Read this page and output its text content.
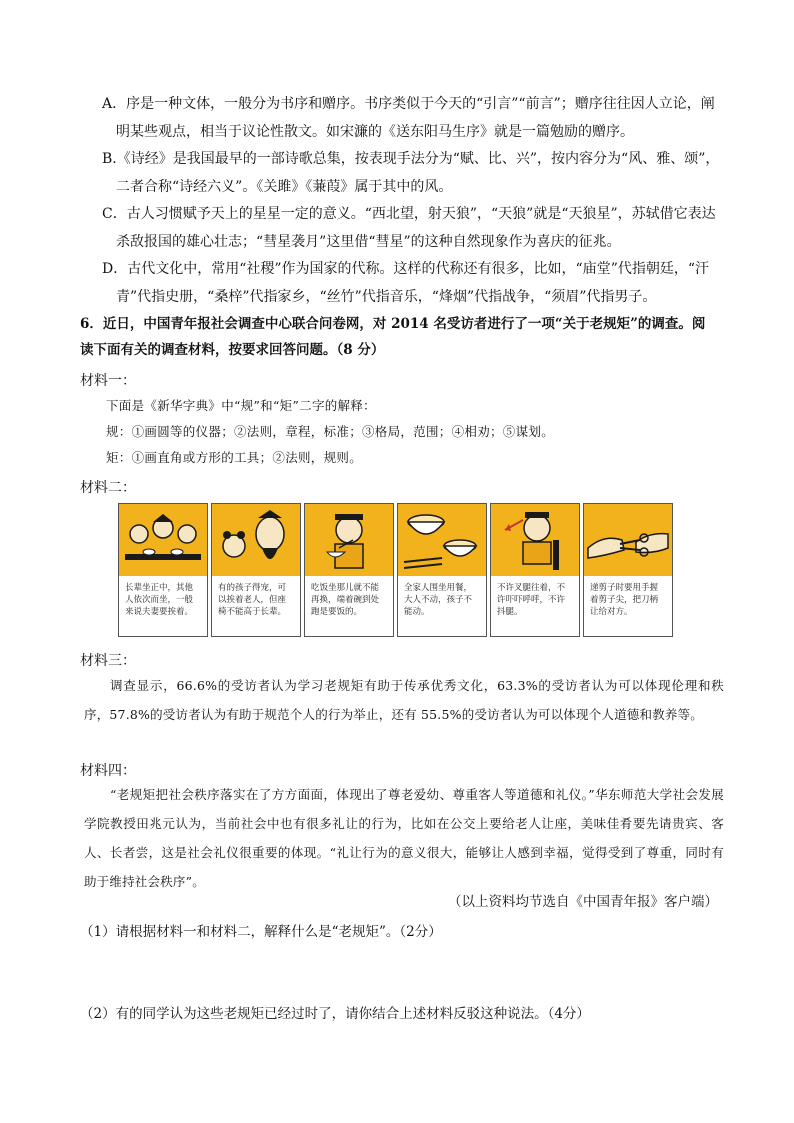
A．序是一种文体，一般分为书序和赠序。书序类似于今天的“引言”“前言”；赠序往往因人立论，阐
明某些观点，相当于议论性散文。如宋濂的《送东阳马生序》就是一篇勉励的赠序。
B.《诗经》是我国最早的一部诗歌总集，按表现手法分为“赋、比、兴”，按内容分为“风、雅、颂”，
二者合称“诗经六义”。《关雎》《蒹葭》属于其中的风。
C．古人习惯赋予天上的星星一定的意义。“西北望，射天狼”，“天狼”就是“天狼星”，苏轼借它表达
杀敌报国的雄心壮志；“彗星袭月”这里借“彗星”的这种自然现象作为喜庆的征兆。
D．古代文化中，常用“社稷”作为国家的代称。这样的代称还有很多，比如，“庙堂”代指朝廷，“汗
青”代指史册，“桑梓”代指家乡，“丝竹”代指音乐，“烽烟”代指战争，“须眉”代指男子。
6．近日，中国青年报社会调查中心联合问卷网，对 2014 名受访者进行了一项“关于老规矩”的调查。阅
读下面有关的调查材料，按要求回答问题。（8 分）
材料一：
下面是《新华字典》中“规”和“矩”二字的解释：
规：①画圆等的仪器；②法则，章程，标准；③格局，范围；④相劝；⑤谋划。
矩：①画直角或方形的工具；②法则，规则。
材料二：
长辈坐正中，其他人依次而坐，一般来说夫妻要挨着。
有的孩子得宠，可以挨着老人，但座椅不能高于长辈。
吃饭坐那儿就不能再换，端着碗到处跑是要饭的。
全家人围坐用餐，大人不动，孩子不能动。
不许叉腿往着，不许吓吓呼呼，不许抖腿。
递剪子时要用手握着剪子尖，把刀柄让给对方。
材料三：
调查显示，66.6%的受访者认为学习老规矩有助于传承优秀文化，63.3%的受访者认为可以体现伦理和秩序，57.8%的受访者认为有助于规范个人的行为举止，还有 55.5%的受访者认为可以体现个人道德和教养等。
材料四：
“老规矩把社会秩序落实在了方方面面，体现出了尊老爱幼、尊重客人等道德和礼仪。”华东师范大学社会发展学院教授田兆元认为，当前社会中也有很多礼让的行为，比如在公交上要给老人让座，美味佳肴要先请贵宾、客人、长者尝，这是社会礼仪很重要的体现。“礼让行为的意义很大，能够让人感到幸福，觉得受到了尊重，同时有助于维持社会秩序”。
（以上资料均节选自《中国青年报》客户端）
（1）请根据材料一和材料二，解释什么是“老规矩”。（2分）
（2）有的同学认为这些老规矩已经过时了，请你结合上述材料反驳这种说法。（4分）
